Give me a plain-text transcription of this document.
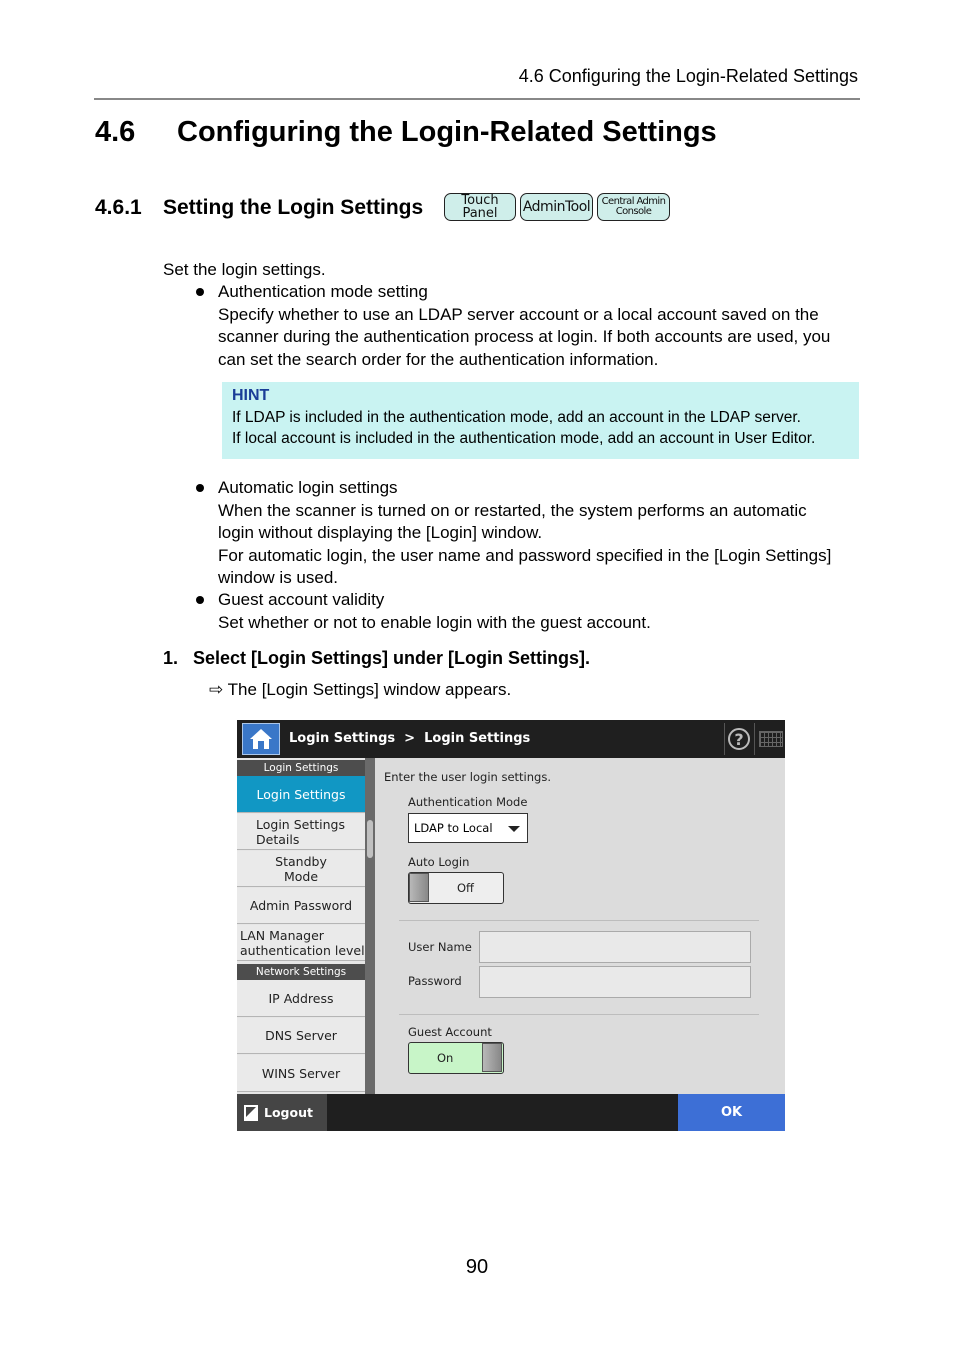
4.6 Configuring the Login-Related Settings
4.6 Configuring the Login-Related Settings
4.6.1 Setting the Login Settings	Touch
Panel AdminTool Central Admin
Console
Set the login settings.
Authentication mode setting
Specify whether to use an LDAP server account or a local account saved on the
scanner during the authentication process at login. If both accounts are used, you
can set the search order for the authentication information.
HINT
If LDAP is included in the authentication mode, add an account in the LDAP server.
If local account is included in the authentication mode, add an account in User Editor.
Automatic login settings
When the scanner is turned on or restarted, the system performs an automatic
login without displaying the [Login] window.
For automatic login, the user name and password specified in the [Login Settings]
window is used.
Guest account validity
Set whether or not to enable login with the guest account.
1.   Select [Login Settings] under [Login Settings].
⇨ The [Login Settings] window appears.
Login Settings  >  Login Settings	?
Login Settings
Login Settings
Login Settings
Details
Standby
Mode
Admin Password
LAN Manager
authentication level
Network Settings
IP Address
DNS Server
WINS Server
Enter the user login settings.
Authentication Mode
LDAP to Local
Auto Login
Off
User Name
Password
Guest Account
On
Logout	OK
90
